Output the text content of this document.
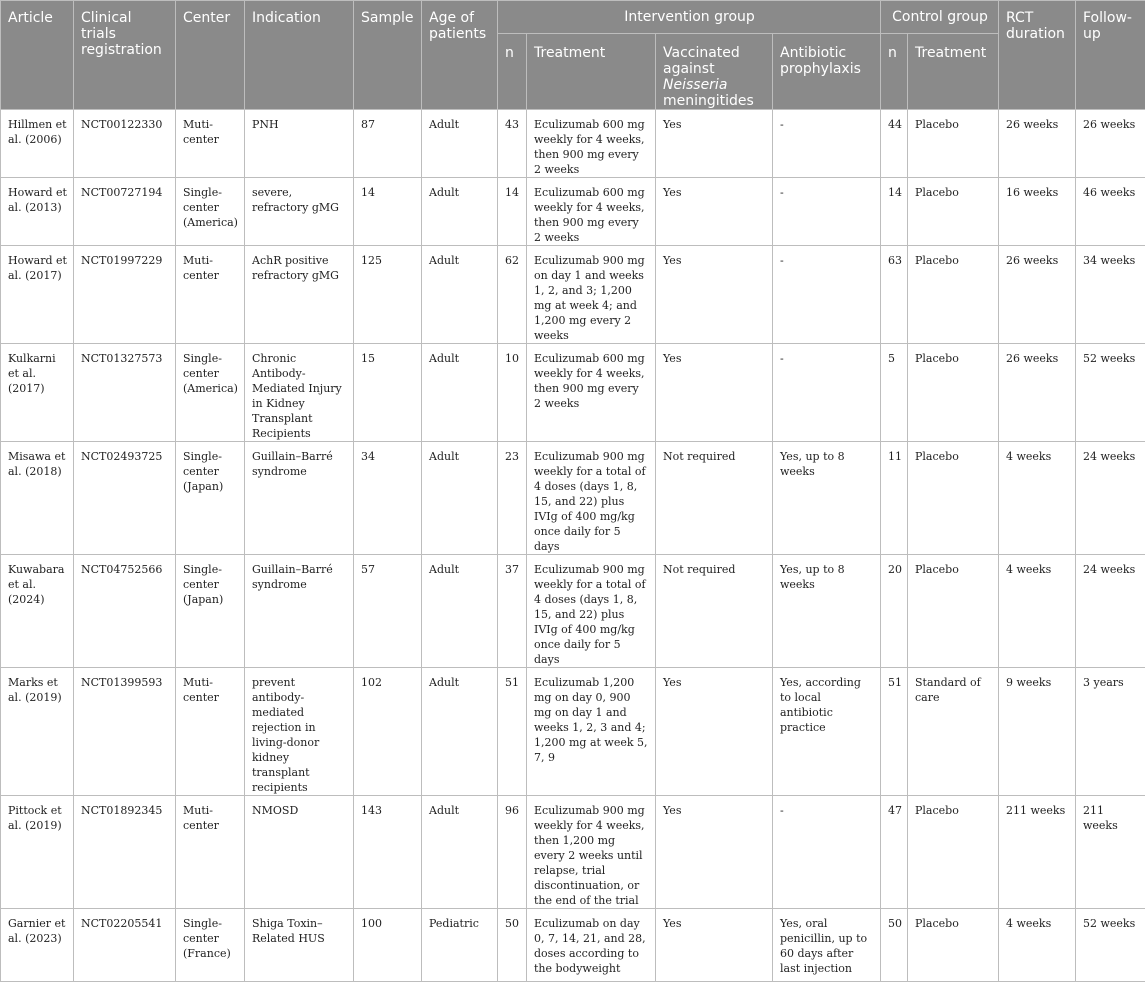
Article	Clinical trials registration	Center	Indication	Sample	Age of patients	Intervention group				Control group		RCT duration	Follow-up
						n	Treatment	Vaccinated against Neisseria meningitides	Antibiotic prophylaxis	n	Treatment		
Hillmen et al. (2006)	NCT00122330	Muti-center	PNH	87	Adult	43	Eculizumab 600 mg weekly for 4 weeks, then 900 mg every 2 weeks	Yes	-	44	Placebo	26 weeks	26 weeks
Howard et al. (2013)	NCT00727194	Single-center (America)	severe, refractory gMG	14	Adult	14	Eculizumab 600 mg weekly for 4 weeks, then 900 mg every 2 weeks	Yes	-	14	Placebo	16 weeks	46 weeks
Howard et al. (2017)	NCT01997229	Muti-center	AchR positive refractory gMG	125	Adult	62	Eculizumab 900 mg on day 1 and weeks 1, 2, and 3; 1,200 mg at week 4; and 1,200 mg every 2 weeks	Yes	-	63	Placebo	26 weeks	34 weeks
Kulkarni et al. (2017)	NCT01327573	Single-center (America)	Chronic Antibody-Mediated Injury in Kidney Transplant Recipients	15	Adult	10	Eculizumab 600 mg weekly for 4 weeks, then 900 mg every 2 weeks	Yes	-	5	Placebo	26 weeks	52 weeks
Misawa et al. (2018)	NCT02493725	Single-center (Japan)	Guillain–Barré syndrome	34	Adult	23	Eculizumab 900 mg weekly for a total of 4 doses (days 1, 8, 15, and 22) plus IVIg of 400 mg/kg once daily for 5 days	Not required	Yes, up to 8 weeks	11	Placebo	4 weeks	24 weeks
Kuwabara et al. (2024)	NCT04752566	Single-center (Japan)	Guillain–Barré syndrome	57	Adult	37	Eculizumab 900 mg weekly for a total of 4 doses (days 1, 8, 15, and 22) plus IVIg of 400 mg/kg once daily for 5 days	Not required	Yes, up to 8 weeks	20	Placebo	4 weeks	24 weeks
Marks et al. (2019)	NCT01399593	Muti-center	prevent antibody-mediated rejection in living-donor kidney transplant recipients	102	Adult	51	Eculizumab 1,200 mg on day 0, 900 mg on day 1 and weeks 1, 2, 3 and 4; 1,200 mg at week 5, 7, 9	Yes	Yes, according to local antibiotic practice	51	Standard of care	9 weeks	3 years
Pittock et al. (2019)	NCT01892345	Muti-center	NMOSD	143	Adult	96	Eculizumab 900 mg weekly for 4 weeks, then 1,200 mg every 2 weeks until relapse, trial discontinuation, or the end of the trial	Yes	-	47	Placebo	211 weeks	211 weeks
Garnier et al. (2023)	NCT02205541	Single-center (France)	Shiga Toxin–Related HUS	100	Pediatric	50	Eculizumab on day 0, 7, 14, 21, and 28, doses according to the bodyweight	Yes	Yes, oral penicillin, up to 60 days after last injection	50	Placebo	4 weeks	52 weeks
